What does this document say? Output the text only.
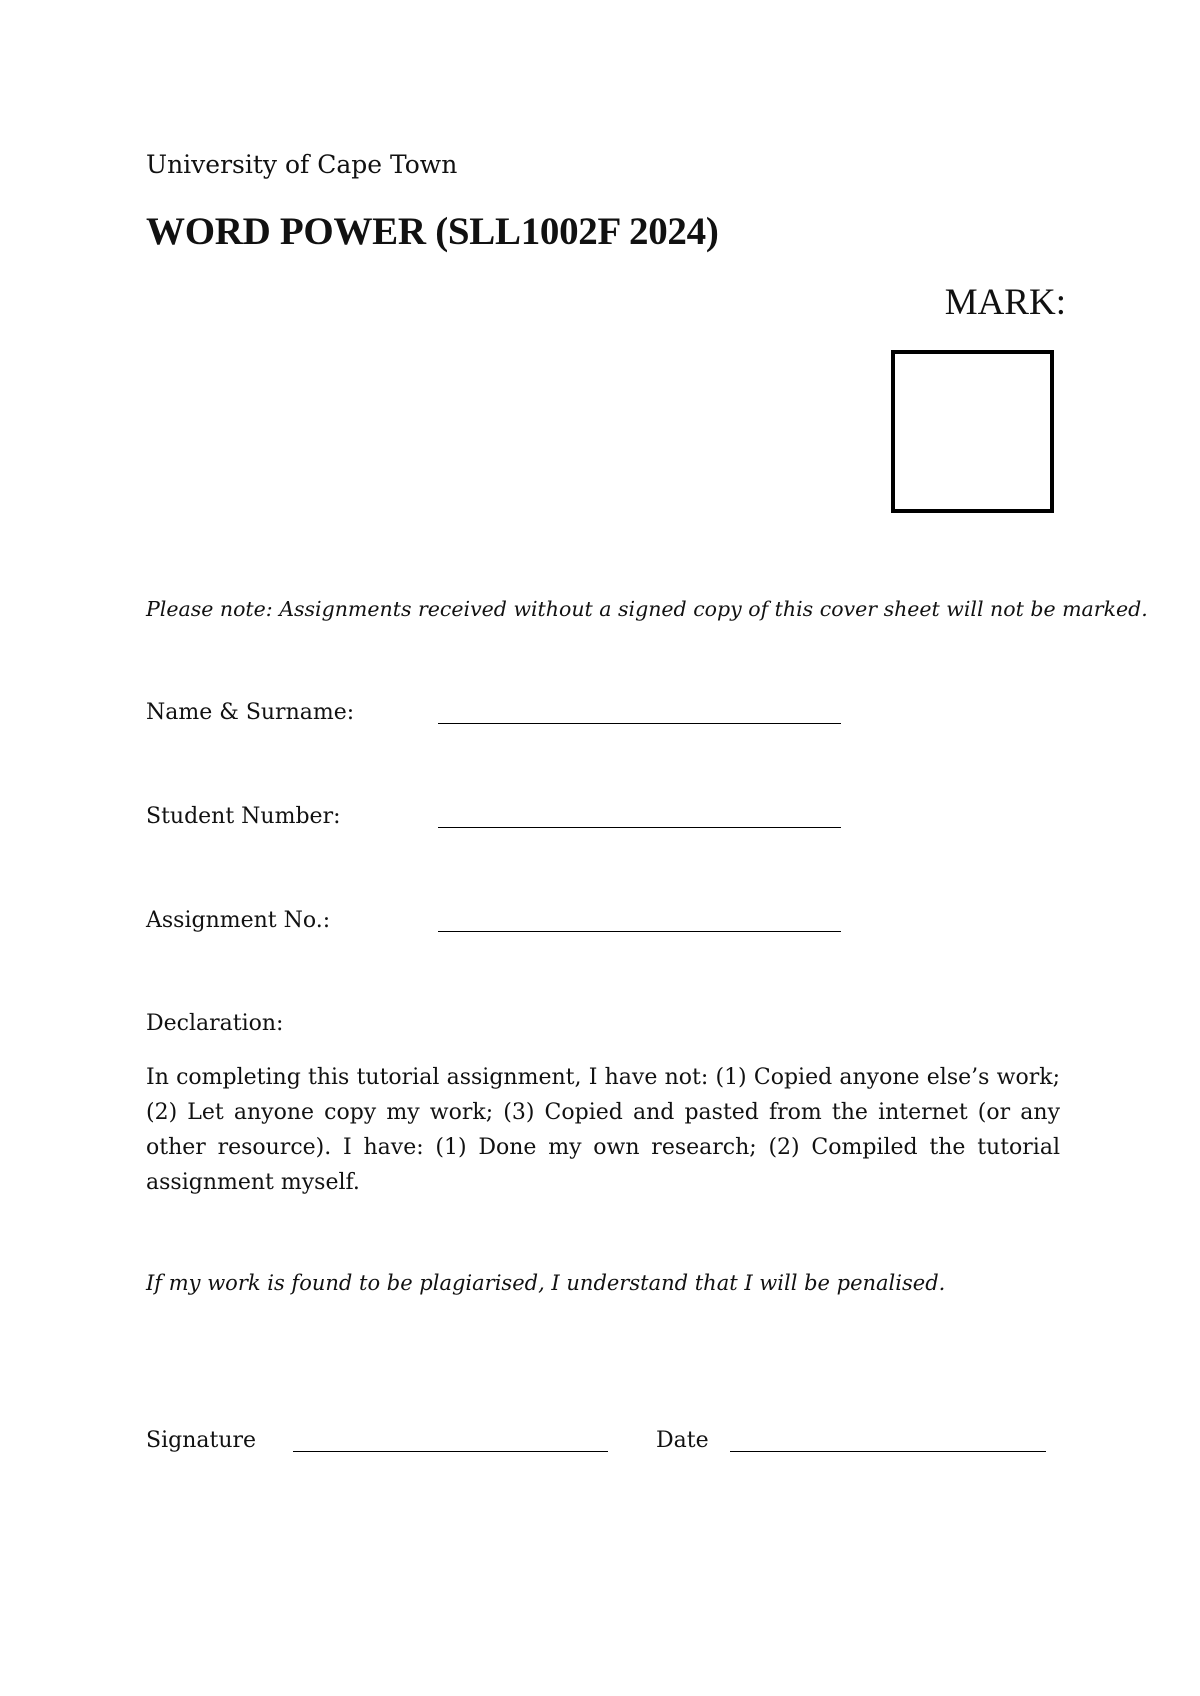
University of Cape Town
WORD POWER (SLL1002F 2024)
MARK:
Please note: Assignments received without a signed copy of this cover sheet will not be marked.
Name & Surname:
Student Number:
Assignment No.:
Declaration:
In completing this tutorial assignment, I have not: (1) Copied anyone else’s work; (2) Let anyone copy my work; (3) Copied and pasted from the internet (or any other resource). I have: (1) Done my own research; (2) Compiled the tutorial assignment myself.
If my work is found to be plagiarised, I understand that I will be penalised.
Signature	Date
